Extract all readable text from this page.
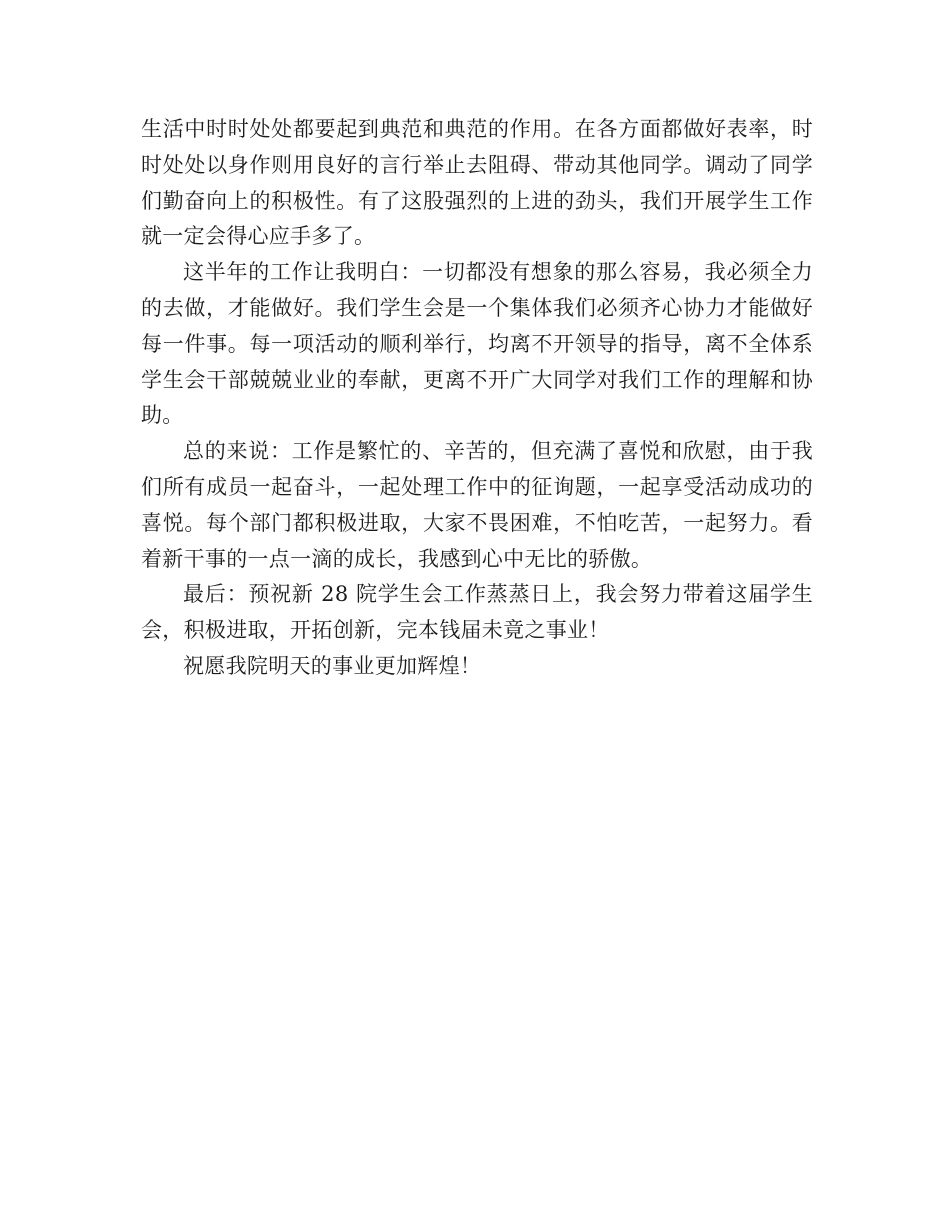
生活中时时处处都要起到典范和典范的作用。在各方面都做好表率，时时处处以身作则用良好的言行举止去阻碍、带动其他同学。调动了同学们勤奋向上的积极性。有了这股强烈的上进的劲头，我们开展学生工作就一定会得心应手多了。

这半年的工作让我明白：一切都没有想象的那么容易，我必须全力的去做，才能做好。我们学生会是一个集体我们必须齐心协力才能做好每一件事。每一项活动的顺利举行，均离不开领导的指导，离不全体系学生会干部兢兢业业的奉献，更离不开广大同学对我们工作的理解和协助。

总的来说：工作是繁忙的、辛苦的，但充满了喜悦和欣慰，由于我们所有成员一起奋斗，一起处理工作中的征询题，一起享受活动成功的喜悦。每个部门都积极进取，大家不畏困难，不怕吃苦，一起努力。看着新干事的一点一滴的成长，我感到心中无比的骄傲。

最后：预祝新 28 院学生会工作蒸蒸日上，我会努力带着这届学生会，积极进取，开拓创新，完本钱届未竟之事业！

祝愿我院明天的事业更加辉煌！
